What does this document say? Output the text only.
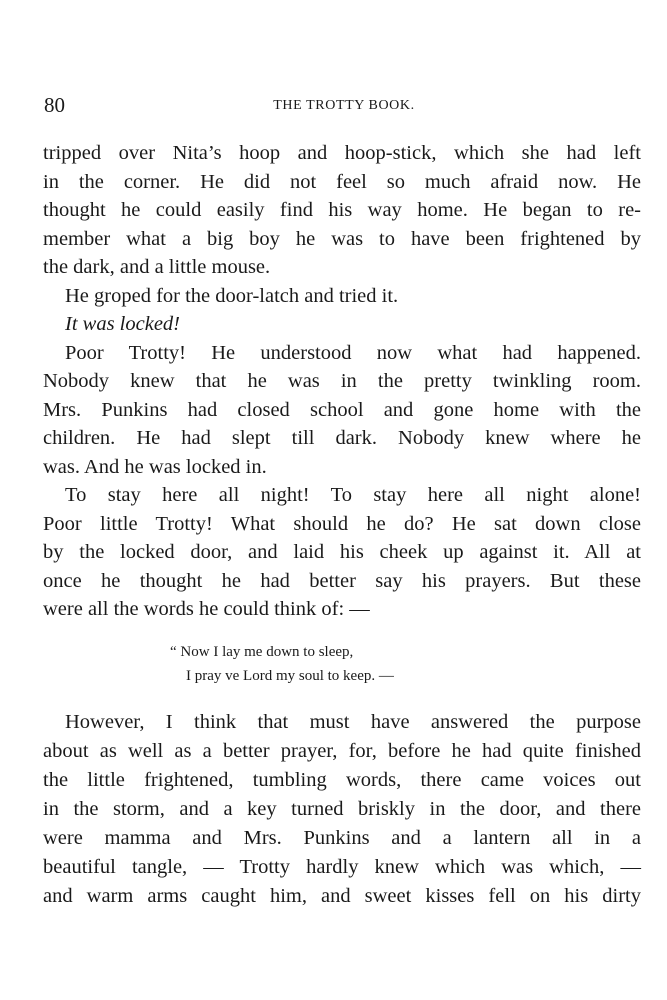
80	THE TROTTY BOOK.
tripped over Nita’s hoop and hoop-stick, which she had left
in the corner. He did not feel so much afraid now. He
thought he could easily find his way home. He began to re-
member what a big boy he was to have been frightened by
the dark, and a little mouse.
He groped for the door-latch and tried it.
It was locked!
Poor Trotty! He understood now what had happened.
Nobody knew that he was in the pretty twinkling room.
Mrs. Punkins had closed school and gone home with the
children. He had slept till dark. Nobody knew where he
was. And he was locked in.
To stay here all night! To stay here all night alone!
Poor little Trotty! What should he do? He sat down close
by the locked door, and laid his cheek up against it. All at
once he thought he had better say his prayers. But these
were all the words he could think of: —
“ Now I lay me down to sleep,
I pray ve Lord my soul to keep. —
However, I think that must have answered the purpose
about as well as a better prayer, for, before he had quite finished
the little frightened, tumbling words, there came voices out
in the storm, and a key turned briskly in the door, and there
were mamma and Mrs. Punkins and a lantern all in a
beautiful tangle, — Trotty hardly knew which was which, —
and warm arms caught him, and sweet kisses fell on his dirty
